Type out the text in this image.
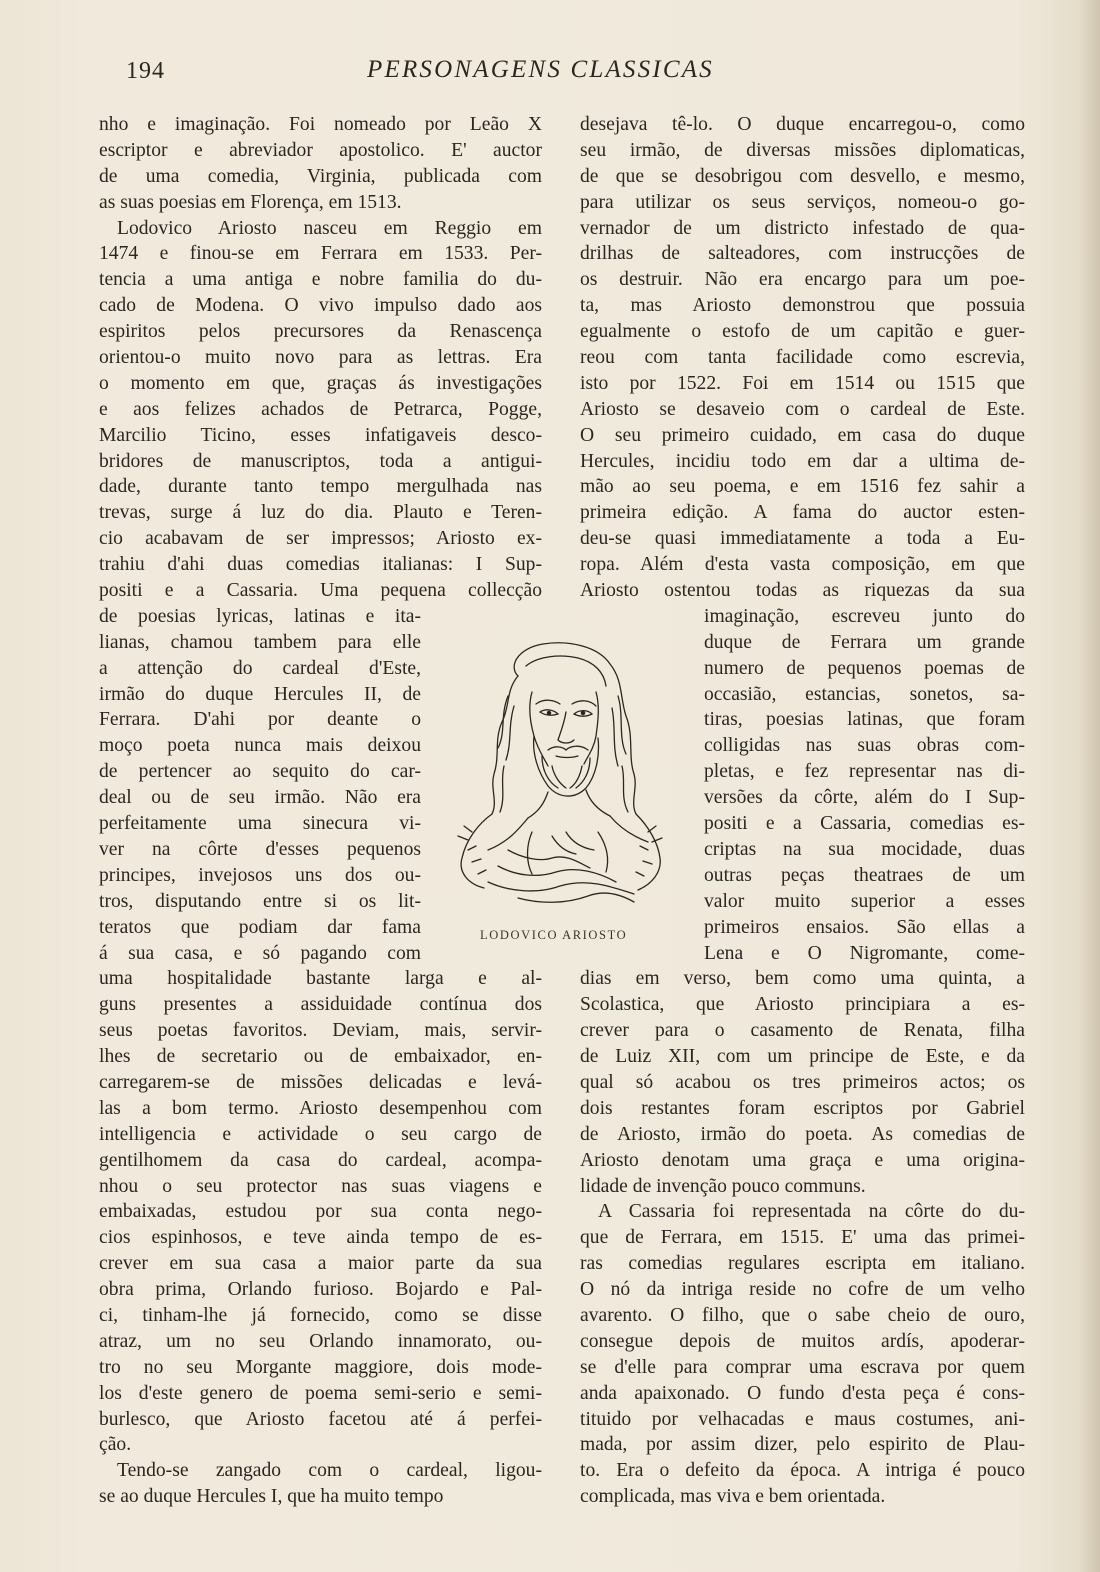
194	PERSONAGENS CLASSICAS
nho e imaginação. Foi nomeado por Leão X
escriptor e abreviador apostolico. E' auctor
de uma comedia, Virginia, publicada com
as suas poesias em Florença, em 1513.
Lodovico Ariosto nasceu em Reggio em
1474 e finou-se em Ferrara em 1533. Per-
tencia a uma antiga e nobre familia do du-
cado de Modena. O vivo impulso dado aos
espiritos pelos precursores da Renascença
orientou-o muito novo para as lettras. Era
o momento em que, graças ás investigações
e aos felizes achados de Petrarca, Pogge,
Marcilio Ticino, esses infatigaveis desco-
bridores de manuscriptos, toda a antigui-
dade, durante tanto tempo mergulhada nas
trevas, surge á luz do dia. Plauto e Teren-
cio acabavam de ser impressos; Ariosto ex-
trahiu d'ahi duas comedias italianas: I Sup-
positi e a Cassaria. Uma pequena collecção
de poesias lyricas, latinas e ita-
lianas, chamou tambem para elle
a attenção do cardeal d'Este,
irmão do duque Hercules II, de
Ferrara. D'ahi por deante o
moço poeta nunca mais deixou
de pertencer ao sequito do car-
deal ou de seu irmão. Não era
perfeitamente uma sinecura vi-
ver na côrte d'esses pequenos
principes, invejosos uns dos ou-
tros, disputando entre si os lit-
teratos que podiam dar fama
á sua casa, e só pagando com
uma hospitalidade bastante larga e al-
guns presentes a assiduidade contínua dos
seus poetas favoritos. Deviam, mais, servir-
lhes de secretario ou de embaixador, en-
carregarem-se de missões delicadas e levá-
las a bom termo. Ariosto desempenhou com
intelligencia e actividade o seu cargo de
gentilhomem da casa do cardeal, acompa-
nhou o seu protector nas suas viagens e
embaixadas, estudou por sua conta nego-
cios espinhosos, e teve ainda tempo de es-
crever em sua casa a maior parte da sua
obra prima, Orlando furioso. Bojardo e Pal-
ci, tinham-lhe já fornecido, como se disse
atraz, um no seu Orlando innamorato, ou-
tro no seu Morgante maggiore, dois mode-
los d'este genero de poema semi-serio e semi-
burlesco, que Ariosto facetou até á perfei-
ção.
Tendo-se zangado com o cardeal, ligou-
se ao duque Hercules I, que ha muito tempo
desejava tê-lo. O duque encarregou-o, como
seu irmão, de diversas missões diplomaticas,
de que se desobrigou com desvello, e mesmo,
para utilizar os seus serviços, nomeou-o go-
vernador de um districto infestado de qua-
drilhas de salteadores, com instrucções de
os destruir. Não era encargo para um poe-
ta, mas Ariosto demonstrou que possuia
egualmente o estofo de um capitão e guer-
reou com tanta facilidade como escrevia,
isto por 1522. Foi em 1514 ou 1515 que
Ariosto se desaveio com o cardeal de Este.
O seu primeiro cuidado, em casa do duque
Hercules, incidiu todo em dar a ultima de-
mão ao seu poema, e em 1516 fez sahir a
primeira edição. A fama do auctor esten-
deu-se quasi immediatamente a toda a Eu-
ropa. Além d'esta vasta composição, em que
Ariosto ostentou todas as riquezas da sua
imaginação, escreveu junto do
duque de Ferrara um grande
numero de pequenos poemas de
occasião, estancias, sonetos, sa-
tiras, poesias latinas, que foram
colligidas nas suas obras com-
pletas, e fez representar nas di-
versões da côrte, além do I Sup-
positi e a Cassaria, comedias es-
criptas na sua mocidade, duas
outras peças theatraes de um
valor muito superior a esses
primeiros ensaios. São ellas a
Lena e O Nigromante, come-
dias em verso, bem como uma quinta, a
Scolastica, que Ariosto principiara a es-
crever para o casamento de Renata, filha
de Luiz XII, com um principe de Este, e da
qual só acabou os tres primeiros actos; os
dois restantes foram escriptos por Gabriel
de Ariosto, irmão do poeta. As comedias de
Ariosto denotam uma graça e uma origina-
lidade de invenção pouco communs.
A Cassaria foi representada na côrte do du-
que de Ferrara, em 1515. E' uma das primei-
ras comedias regulares escripta em italiano.
O nó da intriga reside no cofre de um velho
avarento. O filho, que o sabe cheio de ouro,
consegue depois de muitos ardís, apoderar-
se d'elle para comprar uma escrava por quem
anda apaixonado. O fundo d'esta peça é cons-
tituido por velhacadas e maus costumes, ani-
mada, por assim dizer, pelo espirito de Plau-
to. Era o defeito da época. A intriga é pouco
complicada, mas viva e bem orientada.
LODOVICO ARIOSTO
